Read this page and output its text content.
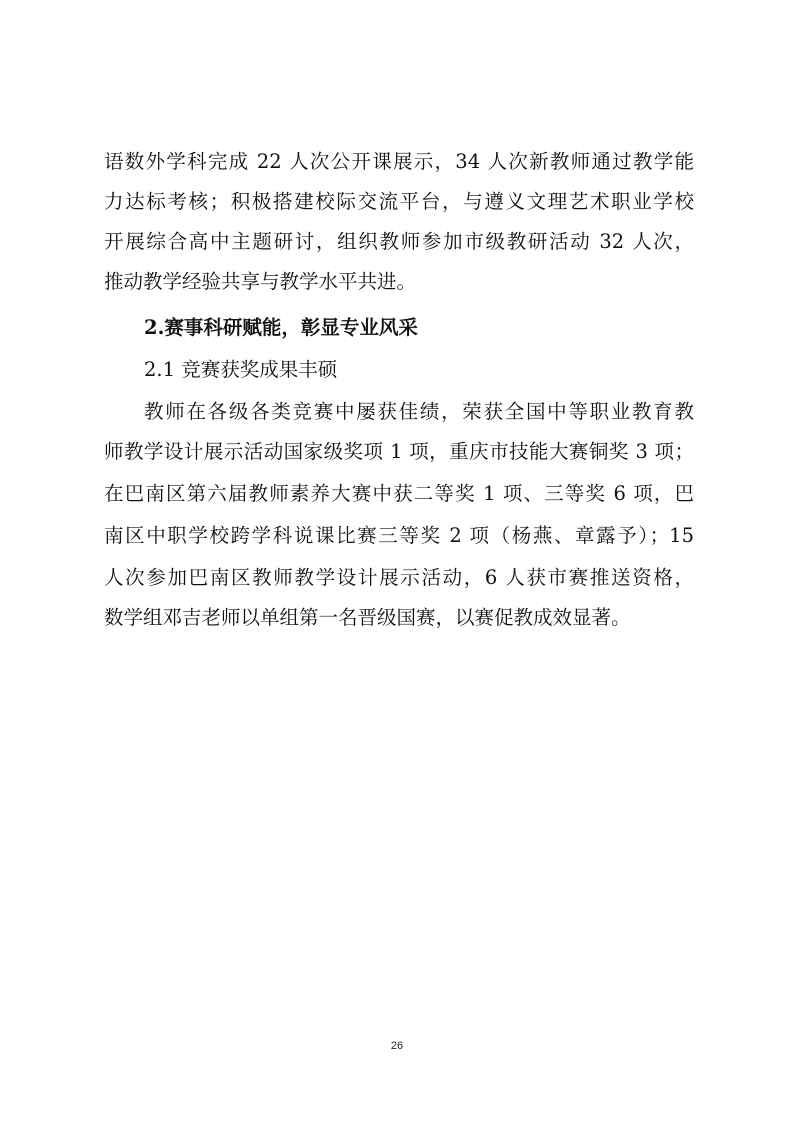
语数外学科完成 22 人次公开课展示，34 人次新教师通过教学能
力达标考核；积极搭建校际交流平台，与遵义文理艺术职业学校
开展综合高中主题研讨，组织教师参加市级教研活动 32 人次，
推动教学经验共享与教学水平共进。
2.赛事科研赋能，彰显专业风采
2.1 竞赛获奖成果丰硕
教师在各级各类竞赛中屡获佳绩，荣获全国中等职业教育教
师教学设计展示活动国家级奖项 1 项，重庆市技能大赛铜奖 3 项；
在巴南区第六届教师素养大赛中获二等奖 1 项、三等奖 6 项，巴
南区中职学校跨学科说课比赛三等奖 2 项（杨燕、章露予）；15
人次参加巴南区教师教学设计展示活动，6 人获市赛推送资格，
数学组邓吉老师以单组第一名晋级国赛，以赛促教成效显著。
26
